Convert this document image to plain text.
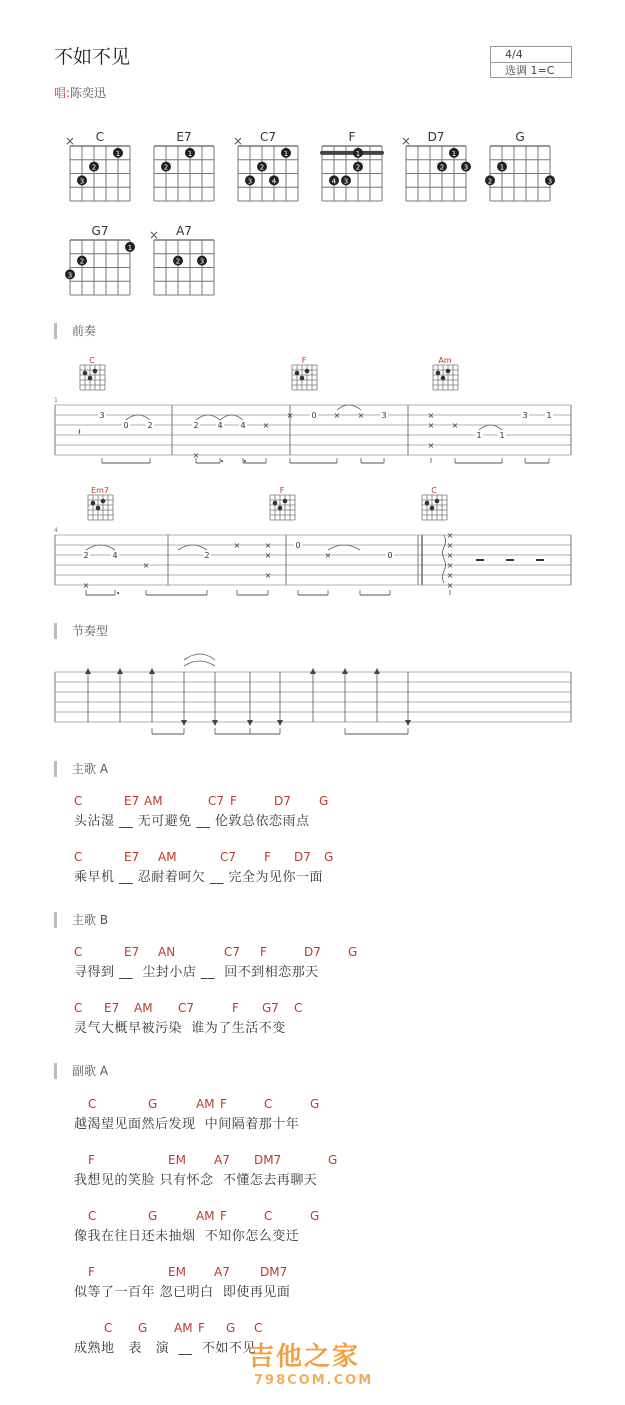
不如不见
唱:陈奕迅
4/4
选调 1=C
C
×
1
2
3
E7
1
2
C7
×
1
2
4
3
F
1
2
3
4
D7
×
1
2	3
G
1
2	3
G7
1
2
3
A7
×
2	3
前奏
节奏型
主歌 A
主歌 B
副歌 A
C	F	Am
1
3
0 2	2 4 4 ×
× 0 × × 3	×
×
×
×
1 1
3 1
×
𝄽
Em7	F	C
4
2	4
×
×
2
×	×
×
×
0
×	0
×
×
×
×
×
×
C	E7 AM	C7 F	D7 G
头沾湿 __ 无可避免 __ 伦敦总依恋雨点
C	E7 AM	C7 F D7 G
乘早机 __ 忍耐着呵欠 __ 完全为见你一面
C	E7 AN	C7 F	D7 G
寻得到 __  尘封小店 __  回不到相恋那天
C E7 AM C7	F G7 C
灵气大概早被污染  谁为了生活不变
C	G	AM F	C	G
越渴望见面然后发现  中间隔着那十年
F	EM A7 DM7	G
我想见的笑脸 只有怀念  不懂怎去再聊天
C	G	AM F	C	G
像我在往日还未抽烟  不知你怎么变迁
F	EM A7	DM7
似等了一百年 忽已明白  即使再见面
C G AM F G C
成熟地   表   演  __  不如不见
吉他之家
798COM.COM
